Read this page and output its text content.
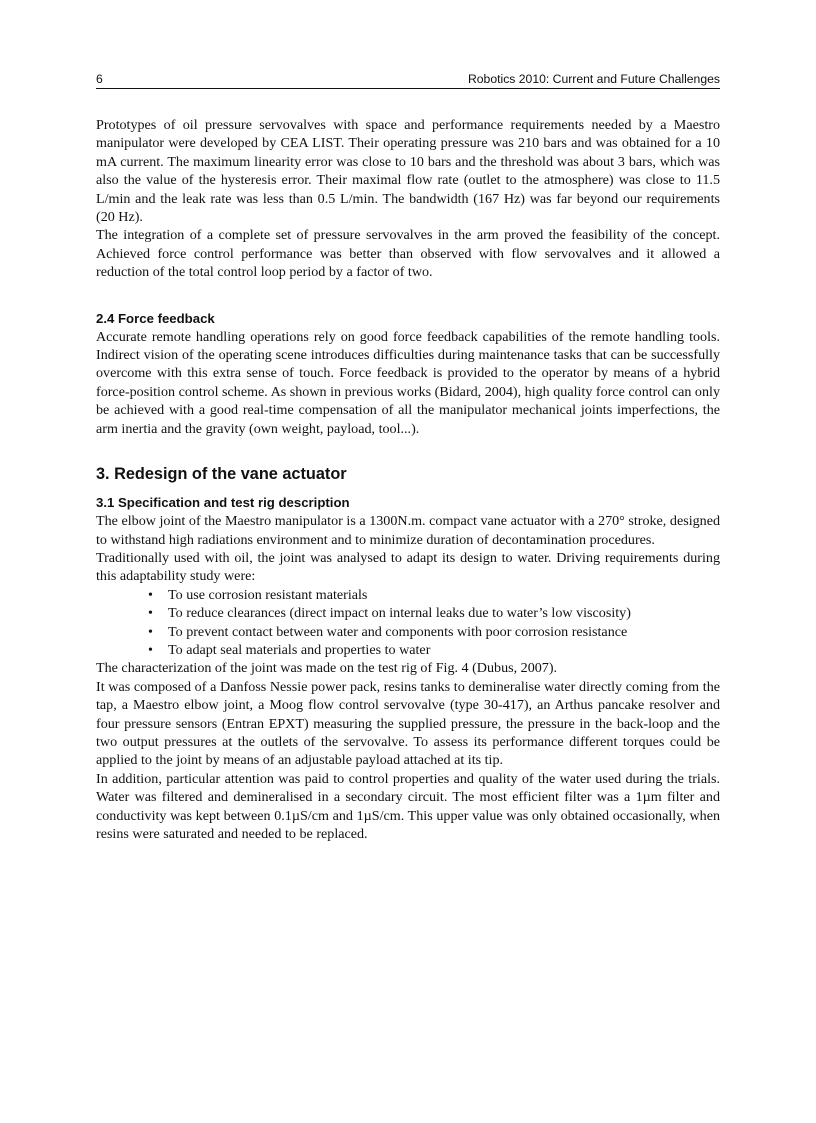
6	Robotics 2010: Current and Future Challenges

Prototypes of oil pressure servovalves with space and performance requirements needed by a Maestro manipulator were developed by CEA LIST. Their operating pressure was 210 bars and was obtained for a 10 mA current. The maximum linearity error was close to 10 bars and the threshold was about 3 bars, which was also the value of the hysteresis error. Their maximal flow rate (outlet to the atmosphere) was close to 11.5 L/min and the leak rate was less than 0.5 L/min. The bandwidth (167 Hz) was far beyond our requirements (20 Hz).

The integration of a complete set of pressure servovalves in the arm proved the feasibility of the concept. Achieved force control performance was better than observed with flow servovalves and it allowed a reduction of the total control loop period by a factor of two.

2.4 Force feedback

Accurate remote handling operations rely on good force feedback capabilities of the remote handling tools. Indirect vision of the operating scene introduces difficulties during maintenance tasks that can be successfully overcome with this extra sense of touch. Force feedback is provided to the operator by means of a hybrid force-position control scheme. As shown in previous works (Bidard, 2004), high quality force control can only be achieved with a good real-time compensation of all the manipulator mechanical joints imperfections, the arm inertia and the gravity (own weight, payload, tool...).

3. Redesign of the vane actuator
3.1 Specification and test rig description

The elbow joint of the Maestro manipulator is a 1300N.m. compact vane actuator with a 270° stroke, designed to withstand high radiations environment and to minimize duration of decontamination procedures.

Traditionally used with oil, the joint was analysed to adapt its design to water. Driving requirements during this adaptability study were:

• To use corrosion resistant materials
• To reduce clearances (direct impact on internal leaks due to water’s low viscosity)
• To prevent contact between water and components with poor corrosion resistance
• To adapt seal materials and properties to water

The characterization of the joint was made on the test rig of Fig. 4 (Dubus, 2007).

It was composed of a Danfoss Nessie power pack, resins tanks to demineralise water directly coming from the tap, a Maestro elbow joint, a Moog flow control servovalve (type 30-417), an Arthus pancake resolver and four pressure sensors (Entran EPXT) measuring the supplied pressure, the pressure in the back-loop and the two output pressures at the outlets of the servovalve. To assess its performance different torques could be applied to the joint by means of an adjustable payload attached at its tip.

In addition, particular attention was paid to control properties and quality of the water used during the trials. Water was filtered and demineralised in a secondary circuit. The most efficient filter was a 1µm filter and conductivity was kept between 0.1µS/cm and 1µS/cm. This upper value was only obtained occasionally, when resins were saturated and needed to be replaced.
